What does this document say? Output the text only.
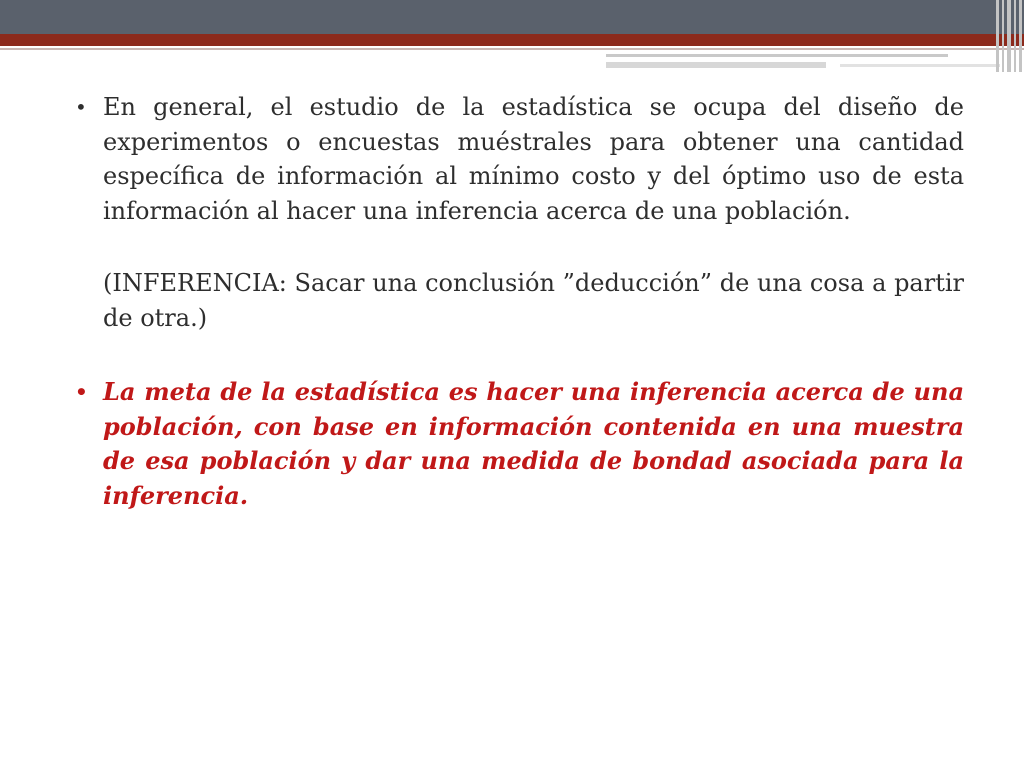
• En general, el estudio de la estadística se ocupa del diseño de experimentos o encuestas muéstrales para obtener una cantidad específica de información al mínimo costo y del óptimo uso de esta información al hacer una inferencia acerca de una población.

(INFERENCIA: Sacar una conclusión ”deducción” de una cosa a partir de otra.)

• La meta de la estadística es hacer una inferencia acerca de una población, con base en información contenida en una muestra de esa población y dar una medida de bondad asociada para la inferencia.
